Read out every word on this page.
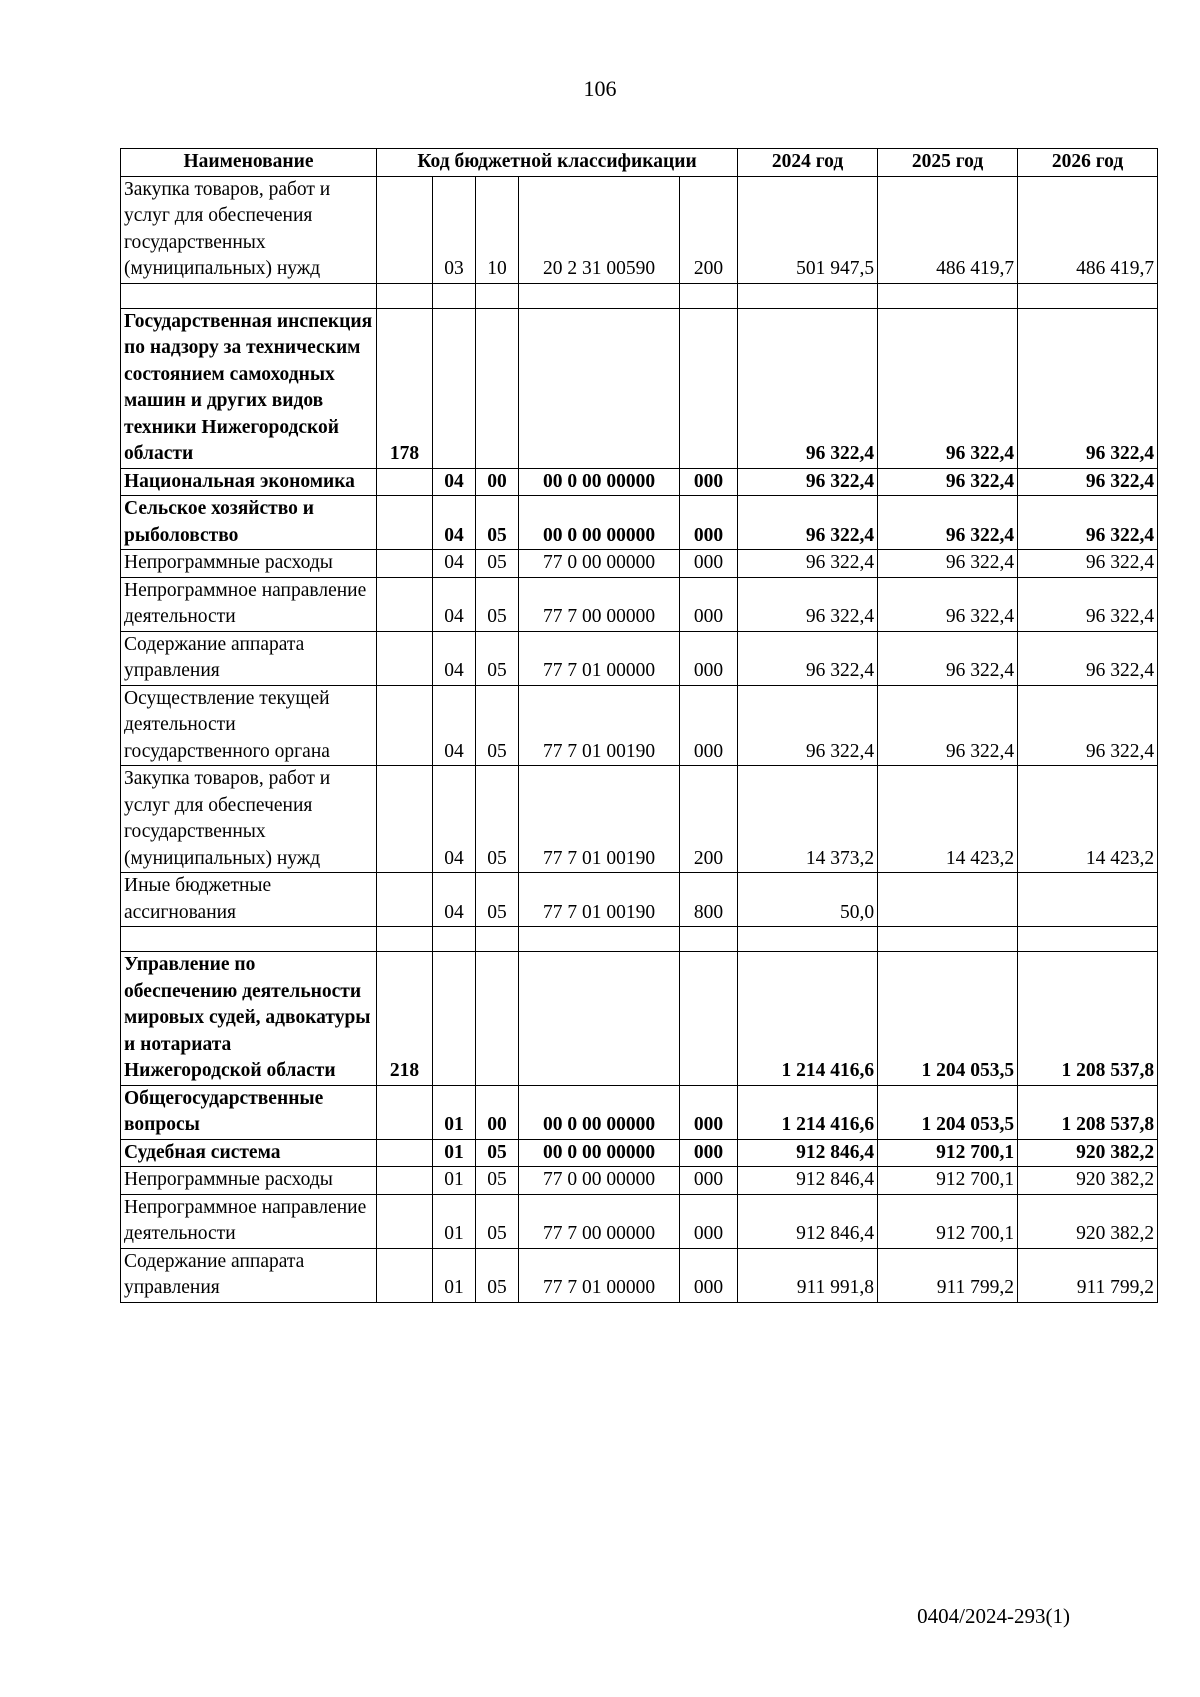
106
Наименование	Код бюджетной классификации					2024 год	2025 год	2026 год
Закупка товаров, работ и услуг для обеспечения государственных (муниципальных) нужд		03	10	20 2 31 00590	200	501 947,5	486 419,7	486 419,7

Государственная инспекция по надзору за техническим состоянием самоходных машин и других видов техники Нижегородской области	178					96 322,4	96 322,4	96 322,4
Национальная экономика		04	00	00 0 00 00000	000	96 322,4	96 322,4	96 322,4
Сельское хозяйство и рыболовство		04	05	00 0 00 00000	000	96 322,4	96 322,4	96 322,4
Непрограммные расходы		04	05	77 0 00 00000	000	96 322,4	96 322,4	96 322,4
Непрограммное направление деятельности		04	05	77 7 00 00000	000	96 322,4	96 322,4	96 322,4
Содержание аппарата управления		04	05	77 7 01 00000	000	96 322,4	96 322,4	96 322,4
Осуществление текущей деятельности государственного органа		04	05	77 7 01 00190	000	96 322,4	96 322,4	96 322,4
Закупка товаров, работ и услуг для обеспечения государственных (муниципальных) нужд		04	05	77 7 01 00190	200	14 373,2	14 423,2	14 423,2
Иные бюджетные ассигнования		04	05	77 7 01 00190	800	50,0		

Управление по обеспечению деятельности мировых судей, адвокатуры и нотариата Нижегородской области	218					1 214 416,6	1 204 053,5	1 208 537,8
Общегосударственные вопросы		01	00	00 0 00 00000	000	1 214 416,6	1 204 053,5	1 208 537,8
Судебная система		01	05	00 0 00 00000	000	912 846,4	912 700,1	920 382,2
Непрограммные расходы		01	05	77 0 00 00000	000	912 846,4	912 700,1	920 382,2
Непрограммное направление деятельности		01	05	77 7 00 00000	000	912 846,4	912 700,1	920 382,2
Содержание аппарата управления		01	05	77 7 01 00000	000	911 991,8	911 799,2	911 799,2
0404/2024-293(1)
